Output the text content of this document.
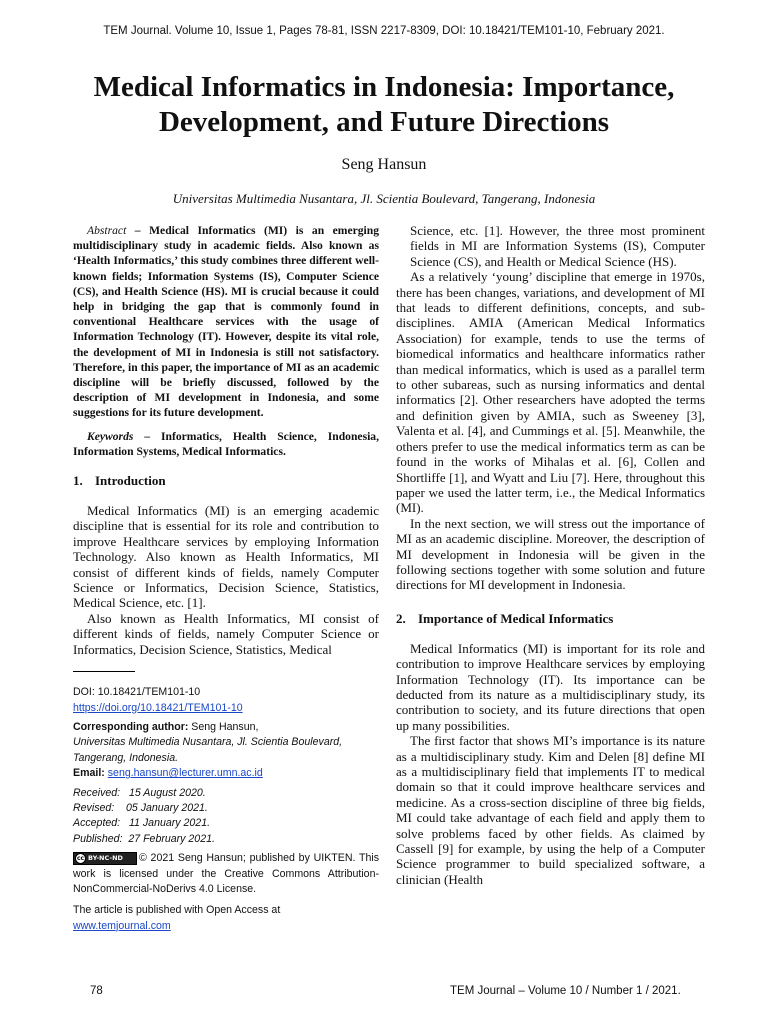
TEM Journal. Volume 10, Issue 1, Pages 78-81, ISSN 2217-8309, DOI: 10.18421/TEM101-10, February 2021.
Medical Informatics in Indonesia: Importance,
Development, and Future Directions
Seng Hansun
Universitas Multimedia Nusantara, Jl. Scientia Boulevard, Tangerang, Indonesia

Abstract – Medical Informatics (MI) is an emerging multidisciplinary study in academic fields. Also known as ‘Health Informatics,’ this study combines three different well-known fields; Information Systems (IS), Computer Science (CS), and Health Science (HS). MI is crucial because it could help in bridging the gap that is commonly found in conventional Healthcare services with the usage of Information Technology (IT). However, despite its vital role, the development of MI in Indonesia is still not satisfactory. Therefore, in this paper, the importance of MI as an academic discipline will be briefly discussed, followed by the description of MI development in Indonesia, and some suggestions for its future development.

Keywords – Informatics, Health Science, Indonesia, Information Systems, Medical Informatics.

1. Introduction

Medical Informatics (MI) is an emerging academic discipline that is essential for its role and contribution to improve Healthcare services by employing Information Technology. Also known as Health Informatics, MI consist of different kinds of fields, namely Computer Science or Informatics, Decision Science, Statistics, Medical Science, etc. [1].

Also known as Health Informatics, MI consist of different kinds of fields, namely Computer Science or Informatics, Decision Science, Statistics, Medical

DOI: 10.18421/TEM101-10

https://doi.org/10.18421/TEM101-10

Corresponding author: Seng Hansun,

Universitas Multimedia Nusantara, Jl. Scientia Boulevard, Tangerang, Indonesia.

Email: seng.hansun@lecturer.umn.ac.id

Received:   15 August 2020.

Revised:    05 January 2021.

Accepted:   11 January 2021.

Published:  27 February 2021.

cc BY-NC-ND © 2021 Seng Hansun; published by UIKTEN. This work is licensed under the Creative Commons Attribution-NonCommercial-NoDerivs 4.0 License.

The article is published with Open Access at

www.temjournal.com

Science, etc. [1]. However, the three most prominent fields in MI are Information Systems (IS), Computer Science (CS), and Health or Medical Science (HS).

As a relatively ‘young’ discipline that emerge in 1970s, there has been changes, variations, and development of MI that leads to different definitions, concepts, and sub-disciplines. AMIA (American Medical Informatics Association) for example, tends to use the terms of biomedical informatics and healthcare informatics rather than medical informatics, which is used as a parallel term to other subareas, such as nursing informatics and dental informatics [2]. Other researchers have adopted the terms and definition given by AMIA, such as Sweeney [3], Valenta et al. [4], and Cummings et al. [5]. Meanwhile, the others prefer to use the medical informatics term as can be found in the works of Mihalas et al. [6], Collen and Shortliffe [1], and Wyatt and Liu [7]. Here, throughout this paper we used the latter term, i.e., the Medical Informatics (MI).

In the next section, we will stress out the importance of MI as an academic discipline. Moreover, the description of MI development in Indonesia will be given in the following sections together with some solution and future directions for MI development in Indonesia.

2. Importance of Medical Informatics

Medical Informatics (MI) is important for its role and contribution to improve Healthcare services by employing Information Technology (IT). Its importance can be deducted from its nature as a multidisciplinary study, its contribution to society, and its future directions that open up many possibilities.

The first factor that shows MI’s importance is its nature as a multidisciplinary study. Kim and Delen [8] define MI as a multidisciplinary field that implements IT to medical domain so that it could improve healthcare services and medicine. As a cross-section discipline of three big fields, MI could take advantage of each field and apply them to solve problems faced by other fields. As claimed by Cassell [9] for example, by using the help of a Computer Science programmer to build specialized software, a clinician (Health

78	TEM Journal – Volume 10 / Number 1 / 2021.
